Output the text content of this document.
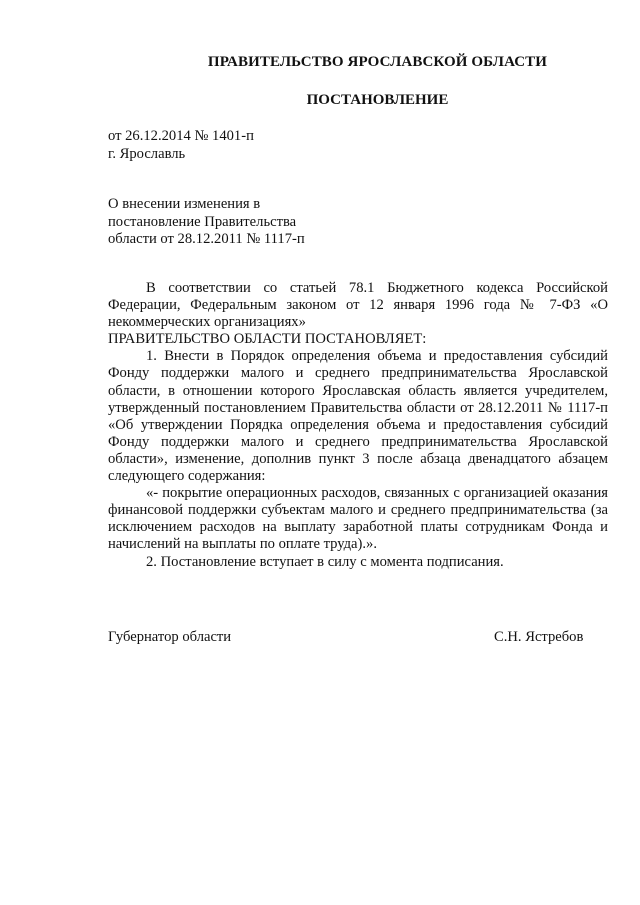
ПРАВИТЕЛЬСТВО ЯРОСЛАВСКОЙ ОБЛАСТИ
ПОСТАНОВЛЕНИЕ
от 26.12.2014 № 1401-п
г. Ярославль
О внесении изменения в
постановление Правительства
области от 28.12.2011 № 1117-п

В соответствии со статьей 78.1 Бюджетного кодекса Российской Федерации, Федеральным законом от 12 января 1996 года № 7-ФЗ «О некоммерческих организациях»

ПРАВИТЕЛЬСТВО ОБЛАСТИ ПОСТАНОВЛЯЕТ:

1. Внести в Порядок определения объема и предоставления субсидий Фонду поддержки малого и среднего предпринимательства Ярославской области, в отношении которого Ярославская область является учредителем, утвержденный постановлением Правительства области от 28.12.2011 № 1117-п «Об утверждении Порядка определения объема и предоставления субсидий Фонду поддержки малого и среднего предпринимательства Ярославской области», изменение, дополнив пункт 3 после абзаца двенадцатого абзацем следующего содержания:

«- покрытие операционных расходов, связанных с организацией оказания финансовой поддержки субъектам малого и среднего предпринимательства (за исключением расходов на выплату заработной платы сотрудникам Фонда и начислений на выплаты по оплате труда).».

2. Постановление вступает в силу с момента подписания.

Губернатор области	С.Н. Ястребов
